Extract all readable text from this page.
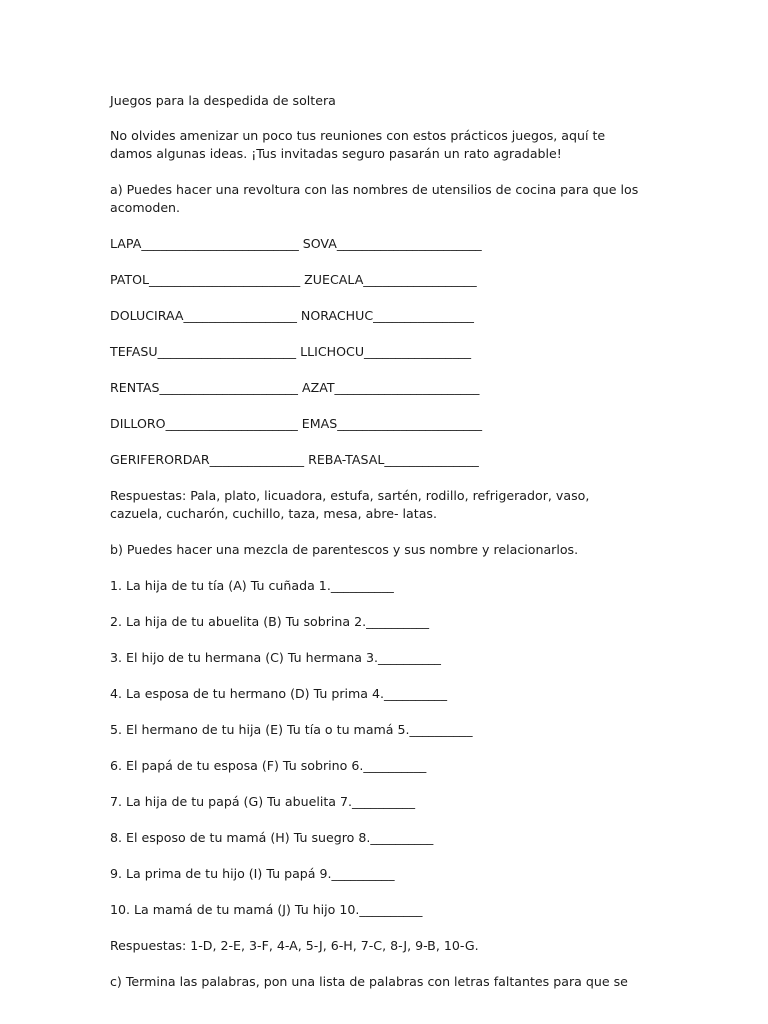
Juegos para la despedida de soltera
No olvides amenizar un poco tus reuniones con estos prácticos juegos, aquí te
damos algunas ideas. ¡Tus invitadas seguro pasarán un rato agradable!
a) Puedes hacer una revoltura con las nombres de utensilios de cocina para que los
acomoden.
LAPA_________________________ SOVA_______________________
PATOL________________________ ZUECALA__________________
DOLUCIRAA__________________ NORACHUC________________
TEFASU______________________ LLICHOCU_________________
RENTAS______________________ AZAT_______________________
DILLORO_____________________ EMAS_______________________
GERIFERORDAR_______________ REBA-TASAL_______________
Respuestas: Pala, plato, licuadora, estufa, sartén, rodillo, refrigerador, vaso,
cazuela, cucharón, cuchillo, taza, mesa, abre- latas.
b) Puedes hacer una mezcla de parentescos y sus nombre y relacionarlos.
1. La hija de tu tía (A) Tu cuñada 1.__________
2. La hija de tu abuelita (B) Tu sobrina 2.__________
3. El hijo de tu hermana (C) Tu hermana 3.__________
4. La esposa de tu hermano (D) Tu prima 4.__________
5. El hermano de tu hija (E) Tu tía o tu mamá 5.__________
6. El papá de tu esposa (F) Tu sobrino 6.__________
7. La hija de tu papá (G) Tu abuelita 7.__________
8. El esposo de tu mamá (H) Tu suegro 8.__________
9. La prima de tu hijo (I) Tu papá 9.__________
10. La mamá de tu mamá (J) Tu hijo 10.__________
Respuestas: 1-D, 2-E, 3-F, 4-A, 5-J, 6-H, 7-C, 8-J, 9-B, 10-G.
c) Termina las palabras, pon una lista de palabras con letras faltantes para que se
